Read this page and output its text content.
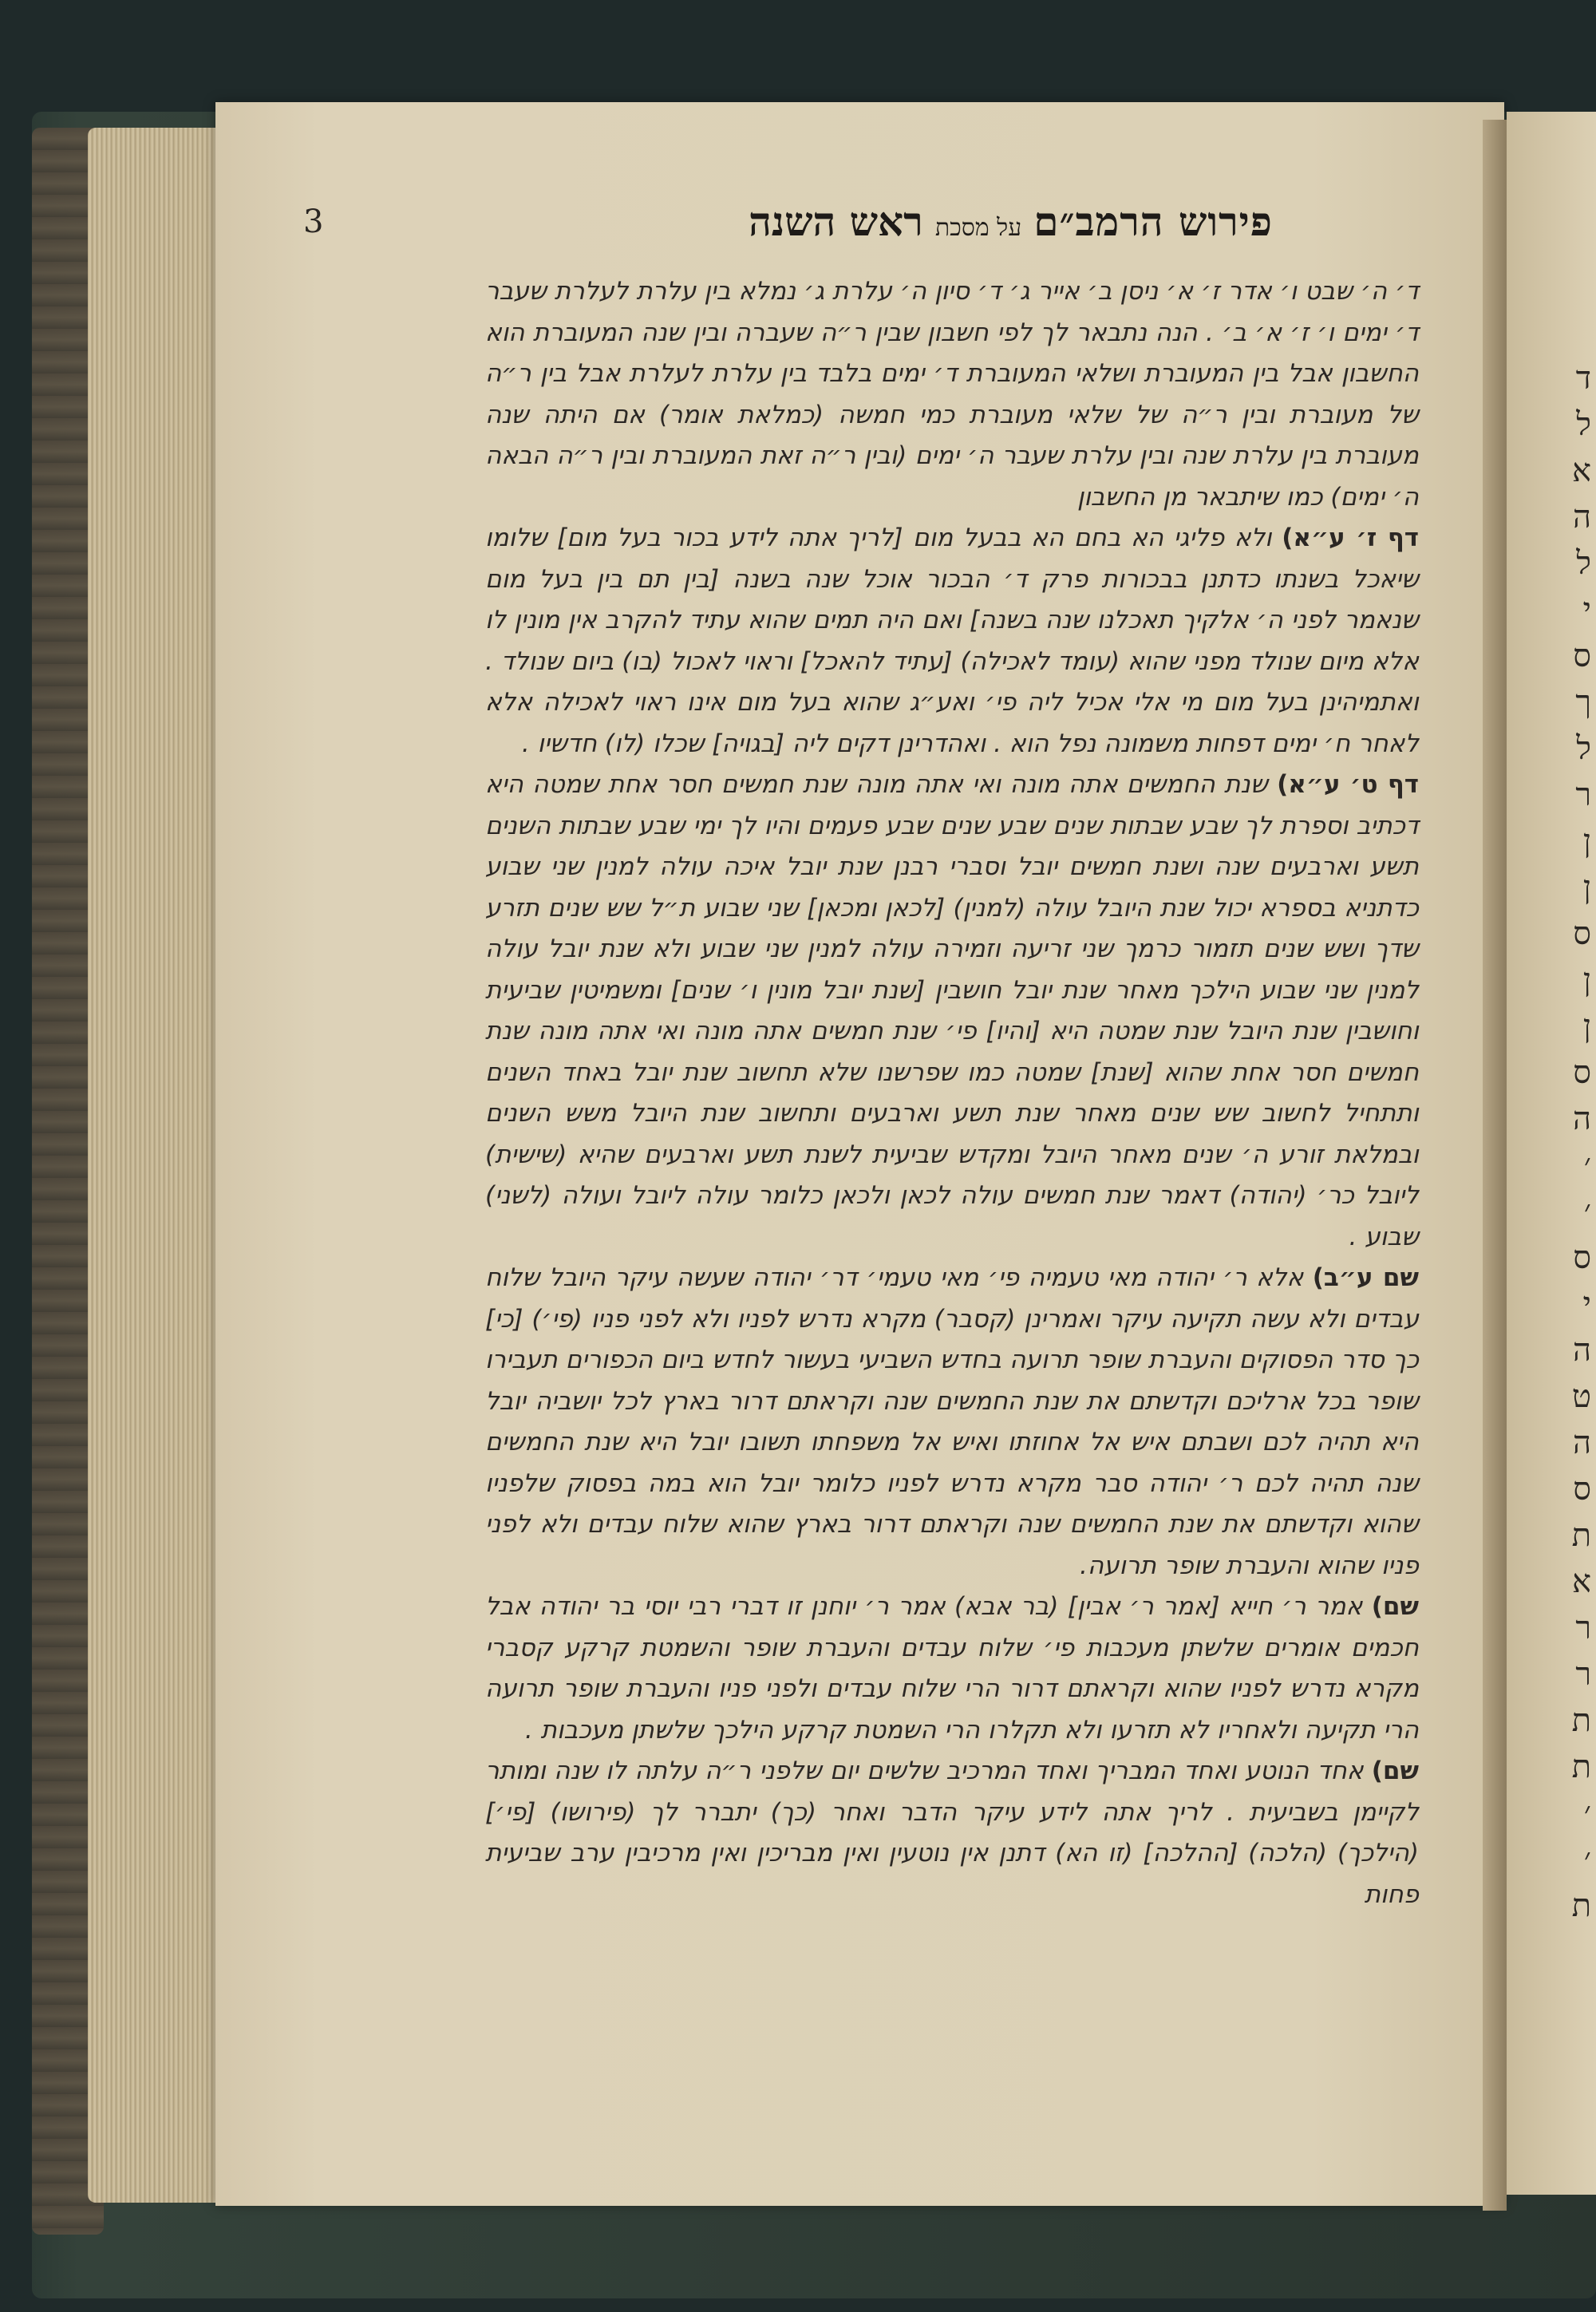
ד
ל
א
ה
ל
י
ס
ך
ל
ר
ן
ן
ס
ן
ן
ס
ה
׳
׳
ס
י
ה
ט
ה
ס
ת
א
ר
ר
ת
ת
׳
׳
ת
3	פירוש הרמב״ם על מסכת ראש השנה

ד׳ ה׳ שבט ו׳ אדר ז׳ א׳ ניסן ב׳ אייר ג׳ ד׳ סיון ה׳ עלרת ג׳ נמלא בין עלרת לעלרת שעבר ד׳ ימים ו׳ ז׳ א׳ ב׳ . הנה נתבאר לך לפי חשבון שבין ר״ה שעברה ובין שנה המעוברת הוא החשבון אבל בין המעוברת ושלאי המעוברת ד׳ ימים בלבד בין עלרת לעלרת אבל בין ר״ה של מעוברת ובין ר״ה של שלאי מעוברת כמי חמשה (כמלאת אומר) אם היתה שנה מעוברת בין עלרת שנה ובין עלרת שעבר ה׳ ימים (ובין ר״ה זאת המעוברת ובין ר״ה הבאה ה׳ ימים) כמו שיתבאר מן החשבון

דף ז׳ ע״א) ולא פליגי הא בחם הא בבעל מום [לריך אתה לידע בכור בעל מום] שלומו שיאכל בשנתו כדתנן בבכורות פרק ד׳ הבכור אוכל שנה בשנה [בין תם בין בעל מום שנאמר לפני ה׳ אלקיך תאכלנו שנה בשנה] ואם היה תמים שהוא עתיד להקרב אין מונין לו אלא מיום שנולד מפני שהוא (עומד לאכילה) [עתיד להאכל] וראוי לאכול (בו) ביום שנולד . ואתמיהינן בעל מום מי אלי אכיל ליה פי׳ ואע״ג שהוא בעל מום אינו ראוי לאכילה אלא לאחר ח׳ ימים דפחות משמונה נפל הוא . ואהדרינן דקים ליה [בגויה] שכלו (לו) חדשיו .

דף ט׳ ע״א) שנת החמשים אתה מונה ואי אתה מונה שנת חמשים חסר אחת שמטה היא דכתיב וספרת לך שבע שבתות שנים שבע שנים שבע פעמים והיו לך ימי שבע שבתות השנים תשע וארבעים שנה ושנת חמשים יובל וסברי רבנן שנת יובל איכה עולה למנין שני שבוע כדתניא בספרא יכול שנת היובל עולה (למנין) [לכאן ומכאן] שני שבוע ת״ל שש שנים תזרע שדך ושש שנים תזמור כרמך שני זריעה וזמירה עולה למנין שני שבוע ולא שנת יובל עולה למנין שני שבוע הילכך מאחר שנת יובל חושבין [שנת יובל מונין ו׳ שנים] ומשמיטין שביעית וחושבין שנת היובל שנת שמטה היא [והיו] פי׳ שנת חמשים אתה מונה ואי אתה מונה שנת חמשים חסר אחת שהוא [שנת] שמטה כמו שפרשנו שלא תחשוב שנת יובל באחד השנים ותתחיל לחשוב שש שנים מאחר שנת תשע וארבעים ותחשוב שנת היובל משש השנים ובמלאת זורע ה׳ שנים מאחר היובל ומקדש שביעית לשנת תשע וארבעים שהיא (שישית) ליובל כר׳ (יהודה) דאמר שנת חמשים עולה לכאן ולכאן כלומר עולה ליובל ועולה (לשני) שבוע .

שם ע״ב) אלא ר׳ יהודה מאי טעמיה פי׳ מאי טעמי׳ דר׳ יהודה שעשה עיקר היובל שלוח עבדים ולא עשה תקיעה עיקר ואמרינן (קסבר) מקרא נדרש לפניו ולא לפני פניו (פי׳) [כי] כך סדר הפסוקים והעברת שופר תרועה בחדש השביעי בעשור לחדש ביום הכפורים תעבירו שופר בכל ארליכם וקדשתם את שנת החמשים שנה וקראתם דרור בארץ לכל יושביה יובל היא תהיה לכם ושבתם איש אל אחוזתו ואיש אל משפחתו תשובו יובל היא שנת החמשים שנה תהיה לכם ר׳ יהודה סבר מקרא נדרש לפניו כלומר יובל הוא במה בפסוק שלפניו שהוא וקדשתם את שנת החמשים שנה וקראתם דרור בארץ שהוא שלוח עבדים ולא לפני פניו שהוא והעברת שופר תרועה.

שם) אמר ר׳ חייא [אמר ר׳ אבין] (בר אבא) אמר ר׳ יוחנן זו דברי רבי יוסי בר יהודה אבל חכמים אומרים שלשתן מעכבות פי׳ שלוח עבדים והעברת שופר והשמטת קרקע קסברי מקרא נדרש לפניו שהוא וקראתם דרור הרי שלוח עבדים ולפני פניו והעברת שופר תרועה הרי תקיעה ולאחריו לא תזרעו ולא תקלרו הרי השמטת קרקע הילכך שלשתן מעכבות .

שם) אחד הנוטע ואחד המבריך ואחד המרכיב שלשים יום שלפני ר״ה עלתה לו שנה ומותר לקיימן בשביעית . לריך אתה לידע עיקר הדבר ואחר (כך) יתברר לך (פירושו) [פי׳] (הילכך) (הלכה) [ההלכה] (זו הא) דתנן אין נוטעין ואין מבריכין ואין מרכיבין ערב שביעית פחות
